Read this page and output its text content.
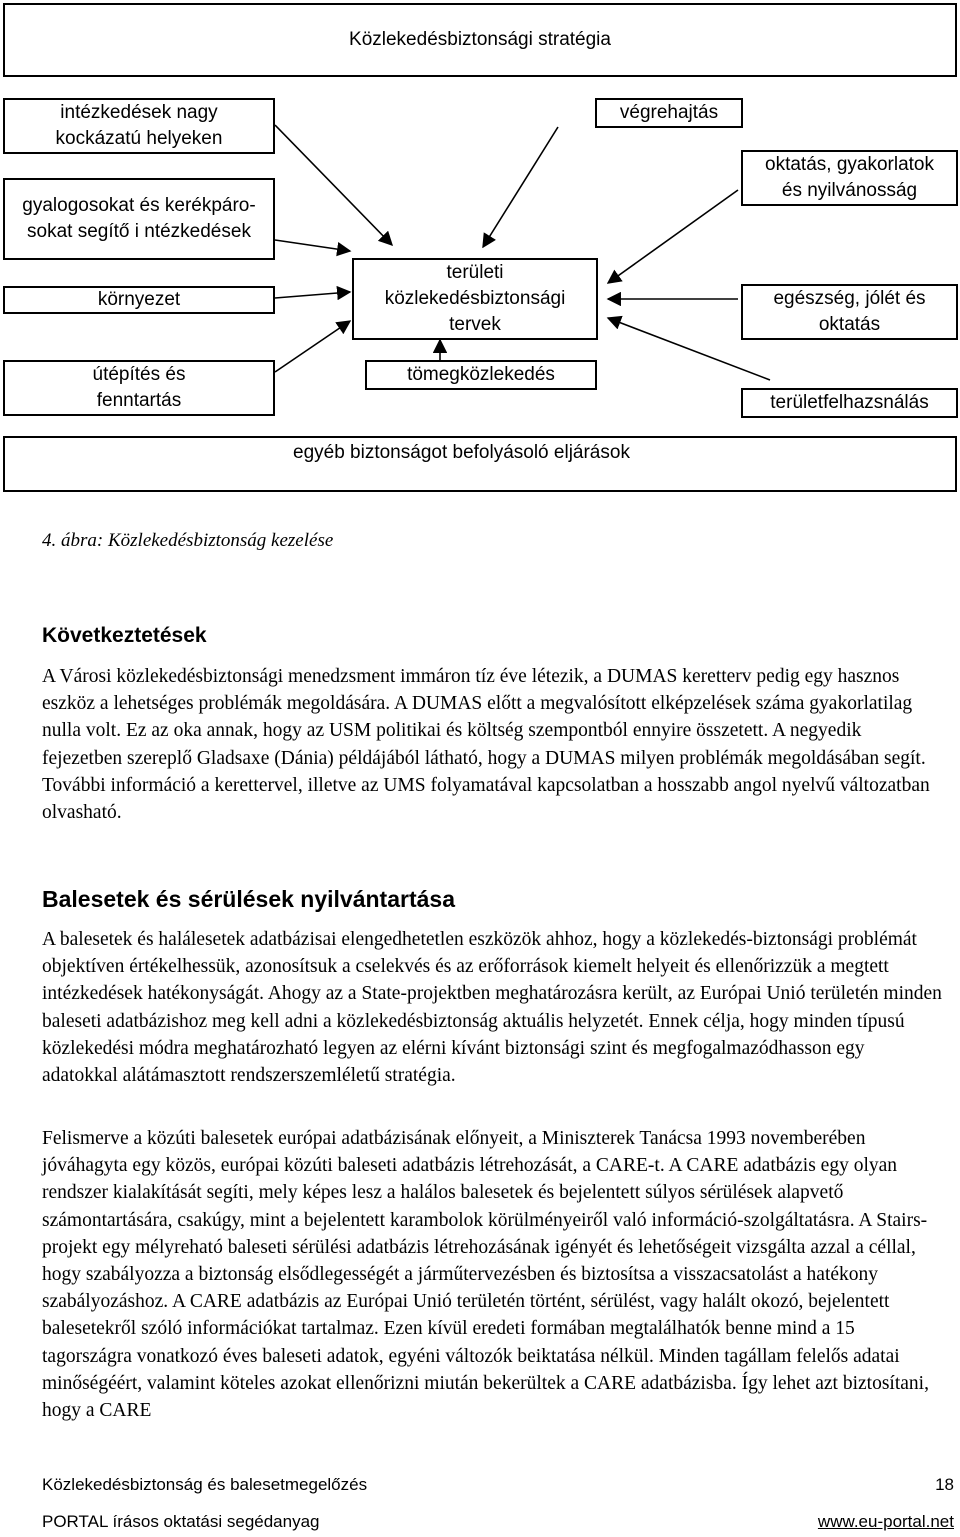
Közlekedésbiztonsági stratégia
intézkedések nagy
kockázatú helyeken
gyalogosokat és kerékpáro-
sokat segítő i ntézkedések
környezet
útépítés és
fenntartás
végrehajtás
területi
közlekedésbiztonsági
tervek
tömegközlekedés
oktatás, gyakorlatok
és nyilvánosság
egészség, jólét és
oktatás
területfelhazsnálás
egyéb biztonságot befolyásoló eljárások
4. ábra: Közlekedésbiztonság kezelése
Következtetések

A Városi közlekedésbiztonsági menedzsment immáron tíz éve létezik, a DUMAS keretterv pedig egy hasznos eszköz a lehetséges problémák megoldására. A DUMAS előtt a megvalósított elképzelések száma gyakorlatilag nulla volt. Ez az oka annak, hogy az USM politikai és költség szempontból ennyire összetett. A negyedik fejezetben szereplő Gladsaxe (Dánia) példájából látható, hogy a DUMAS milyen problémák megoldásában segít. További információ a kerettervel, illetve az UMS folyamatával kapcsolatban a hosszabb angol nyelvű változatban olvasható.

Balesetek és sérülések nyilvántartása

A balesetek és halálesetek adatbázisai elengedhetetlen eszközök ahhoz, hogy a közlekedés-biztonsági problémát objektíven értékelhessük, azonosítsuk a cselekvés és az erőforrások kiemelt helyeit és ellenőrizzük a megtett intézkedések hatékonyságát. Ahogy az a State-projektben meghatározásra került, az Európai Unió területén minden baleseti adatbázishoz meg kell adni a közlekedésbiztonság aktuális helyzetét. Ennek célja, hogy minden típusú közlekedési módra meghatározható legyen az elérni kívánt biztonsági szint és megfogalmazódhasson egy adatokkal alátámasztott rendszerszemléletű stratégia.

Felismerve a közúti balesetek európai adatbázisának előnyeit, a Miniszterek Tanácsa 1993 novemberében jóváhagyta egy közös, európai közúti baleseti adatbázis létrehozását, a CARE-t. A CARE adatbázis egy olyan rendszer kialakítását segíti, mely képes lesz a halálos balesetek és bejelentett súlyos sérülések alapvető számontartására, csakúgy, mint a bejelentett karambolok körülményeiről való információ-szolgáltatásra. A Stairs-projekt egy mélyreható baleseti sérülési adatbázis létrehozásának igényét és lehetőségeit vizsgálta azzal a céllal, hogy szabályozza a biztonság elsődlegességét a járműtervezésben és biztosítsa a visszacsatolást a hatékony szabályozáshoz. A CARE adatbázis az Európai Unió területén történt, sérülést, vagy halált okozó, bejelentett balesetekről szóló információkat tartalmaz. Ezen kívül eredeti formában megtalálhatók benne mind a 15 tagországra vonatkozó éves baleseti adatok, egyéni változók beiktatása nélkül. Minden tagállam felelős adatai minőségéért, valamint köteles azokat ellenőrizni miután bekerültek a CARE adatbázisba. Így lehet azt biztosítani, hogy a CARE

Közlekedésbiztonság és balesetmegelőzés	18
PORTAL írásos oktatási segédanyag	www.eu-portal.net
